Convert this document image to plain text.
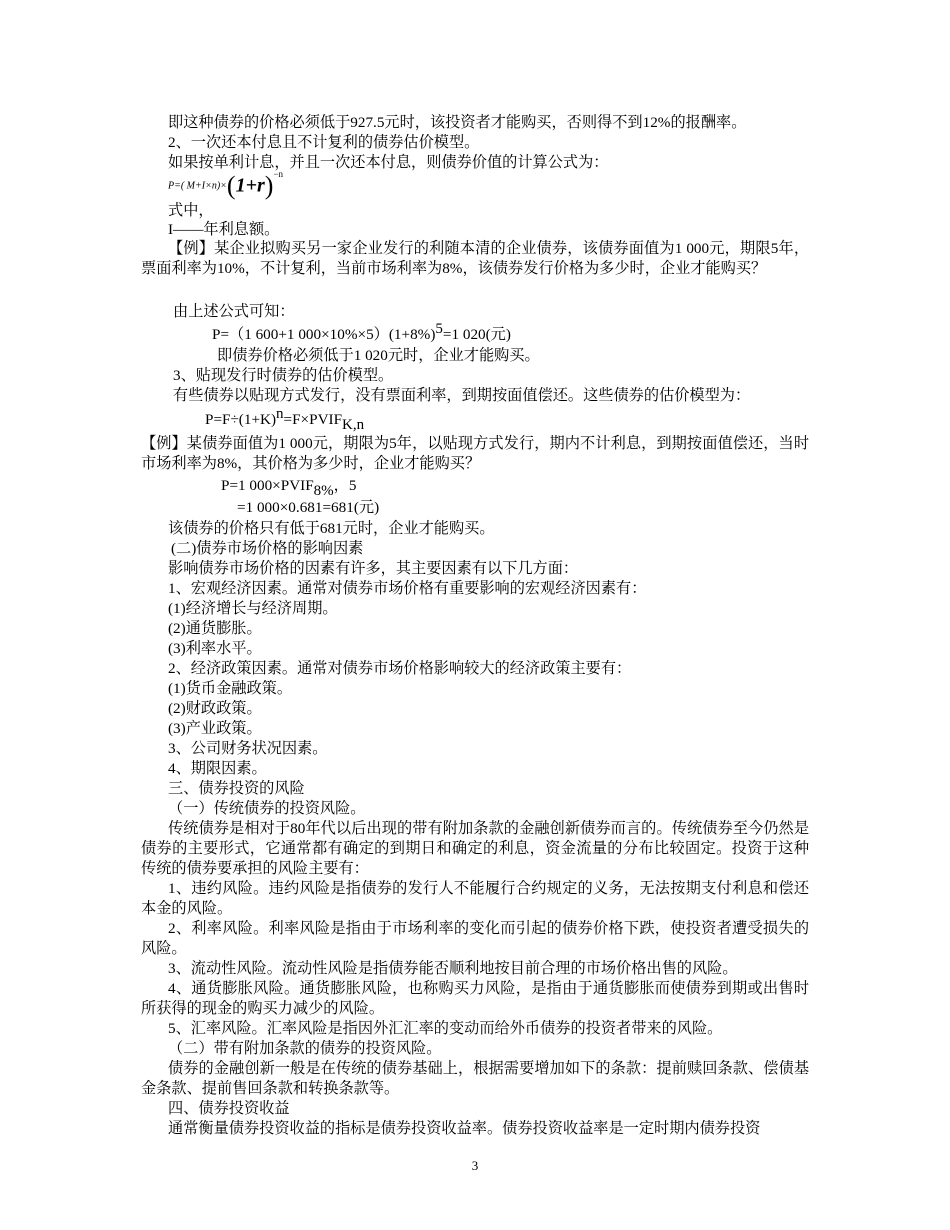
即这种债券的价格必须低于927.5元时，该投资者才能购买，否则得不到12%的报酬率。
2、一次还本付息且不计复利的债券估价模型。
如果按单利计息，并且一次还本付息，则债券价值的计算公式为：
P=( $M+I\times n)\times(1+r)^{-n}$
式中，
I——年利息额。
【例】某企业拟购买另一家企业发行的利随本清的企业债券，该债券面值为1 000元，期限5年，票面利率为10%，不计复利，当前市场利率为8%，该债券发行价格为多少时，企业才能购买？
由上述公式可知：
P=（1 600+1 $000\times 10\%\times 5)(1+8\%)^5=1$ 020(元)
即债券价格必须低于1 020元时，企业才能购买。
3、贴现发行时债券的估价模型。
有些债券以贴现方式发行，没有票面利率，到期按面值偿还。这些债券的估价模型为：
$P=F\div(1+K)^n=F\times PVIF_{K,n}$
【例】某债券面值为1 000元，期限为5年，以贴现方式发行，期内不计利息，到期按面值偿还，当时市场利率为8%，其价格为多少时，企业才能购买？
P=1 $000\times PVIF_{8\%}$，5
=1 000×0.681=681(元)
该债券的价格只有低于681元时，企业才能购买。
(二)债券市场价格的影响因素
影响债券市场价格的因素有许多，其主要因素有以下几方面：
1、宏观经济因素。通常对债券市场价格有重要影响的宏观经济因素有：
(1)经济增长与经济周期。
(2)通货膨胀。
(3)利率水平。
2、经济政策因素。通常对债券市场价格影响较大的经济政策主要有：
(1)货币金融政策。
(2)财政政策。
(3)产业政策。
3、公司财务状况因素。
4、期限因素。
三、债券投资的风险
（一）传统债券的投资风险。
传统债券是相对于80年代以后出现的带有附加条款的金融创新债券而言的。传统债券至今仍然是债券的主要形式，它通常都有确定的到期日和确定的利息，资金流量的分布比较固定。投资于这种传统的债券要承担的风险主要有：
1、违约风险。违约风险是指债券的发行人不能履行合约规定的义务，无法按期支付利息和偿还本金的风险。
2、利率风险。利率风险是指由于市场利率的变化而引起的债券价格下跌，使投资者遭受损失的风险。
3、流动性风险。流动性风险是指债券能否顺利地按目前合理的市场价格出售的风险。
4、通货膨胀风险。通货膨胀风险，也称购买力风险，是指由于通货膨胀而使债券到期或出售时所获得的现金的购买力减少的风险。
5、汇率风险。汇率风险是指因外汇汇率的变动而给外币债券的投资者带来的风险。
（二）带有附加条款的债券的投资风险。
债券的金融创新一般是在传统的债券基础上，根据需要增加如下的条款：提前赎回条款、偿债基金条款、提前售回条款和转换条款等。
四、债券投资收益
通常衡量债券投资收益的指标是债券投资收益率。债券投资收益率是一定时期内债券投资
3
